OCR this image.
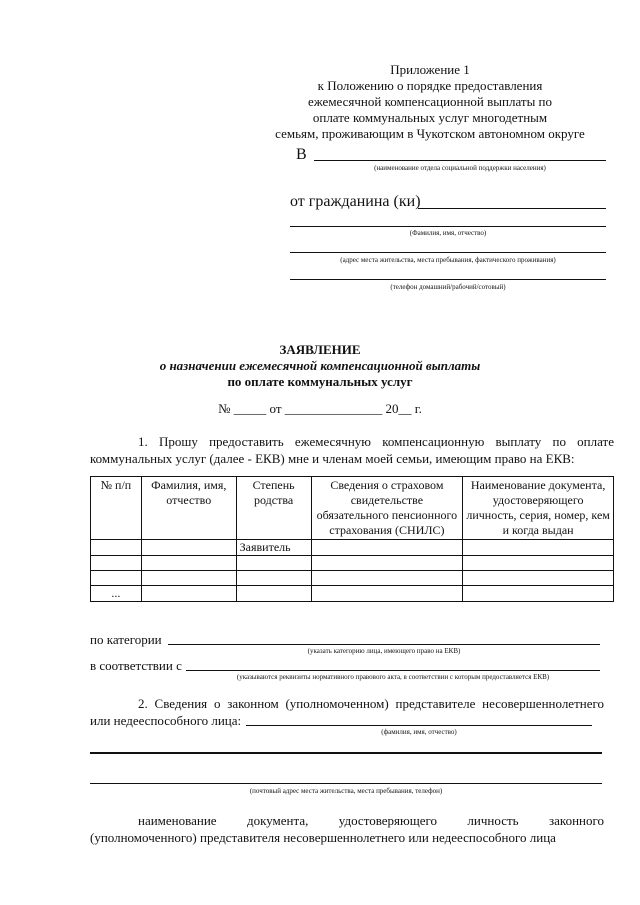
Приложение 1
к Положению о порядке предоставления
ежемесячной компенсационной выплаты по
оплате коммунальных услуг многодетным
семьям, проживающим в Чукотском автономном округе
В
(наименование отдела социальной поддержки населения)
от гражданина (ки)
(Фамилия, имя, отчество)
(адрес места жительства, места пребывания, фактического проживания)
(телефон домашний/рабочий/сотовый)
ЗАЯВЛЕНИЕ
о назначении ежемесячной компенсационной выплаты
по оплате коммунальных услуг
№ _____ от _______________ 20__ г.
1. Прошу предоставить ежемесячную компенсационную выплату по оплате
коммунальных услуг (далее - ЕКВ) мне и членам моей семьи, имеющим право на ЕКВ:
№ п/п	Фамилия, имя, отчество	Степень родства	Сведения о страховом свидетельстве обязательного пенсионного страхования (СНИЛС)	Наименование документа, удостоверяющего личность, серия, номер, кем и когда выдан
		Заявитель		

...				
по категории
(указать категорию лица, имеющего право на ЕКВ)
в соответствии с
(указываются реквизиты нормативного правового акта, в соответствии с которым предоставляется ЕКВ)
2. Сведения о законном (уполномоченном) представителе несовершеннолетнего
или недееспособного лица:
(фамилия, имя, отчество)
(почтовый адрес места жительства, места пребывания, телефон)
наименование документа, удостоверяющего личность законного
(уполномоченного) представителя несовершеннолетнего или недееспособного лица
